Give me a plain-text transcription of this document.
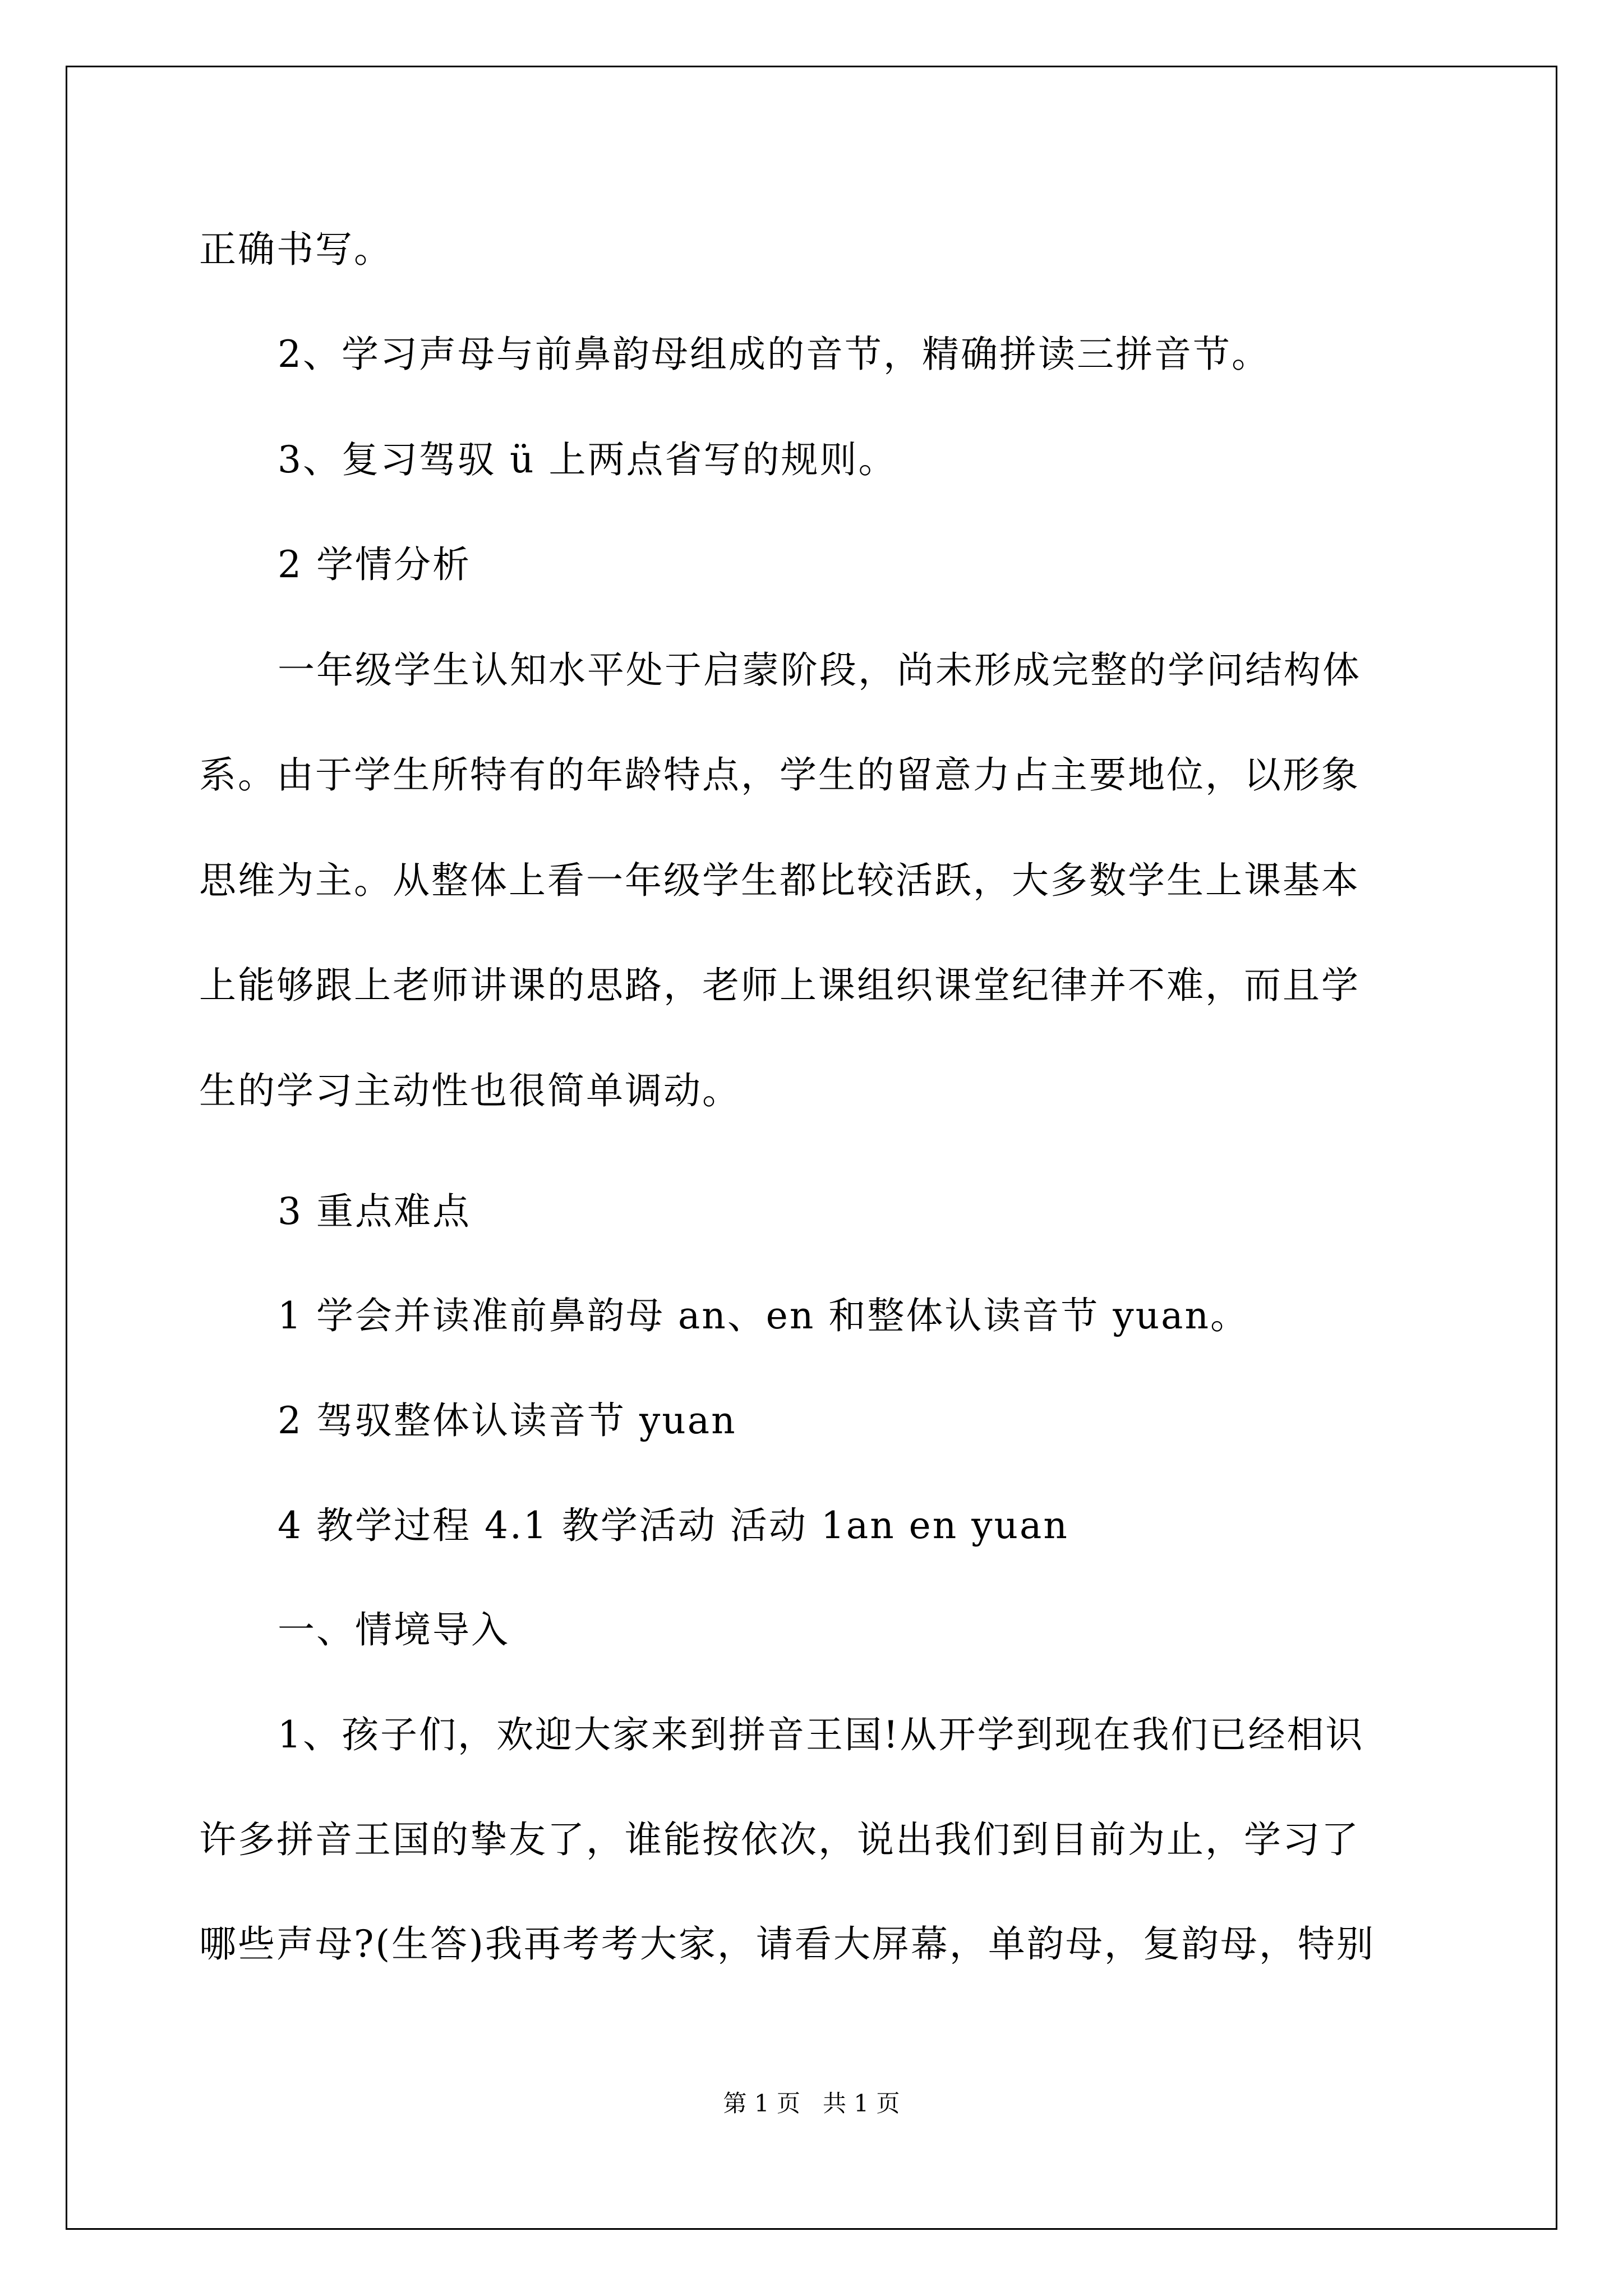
正确书写。
2、学习声母与前鼻韵母组成的音节，精确拼读三拼音节。
3、复习驾驭 ü 上两点省写的规则。
2 学情分析
一年级学生认知水平处于启蒙阶段，尚未形成完整的学问结构体
系。由于学生所特有的年龄特点，学生的留意力占主要地位，以形象
思维为主。从整体上看一年级学生都比较活跃，大多数学生上课基本
上能够跟上老师讲课的思路，老师上课组织课堂纪律并不难，而且学
生的学习主动性也很简单调动。
3 重点难点
1 学会并读准前鼻韵母 an、en 和整体认读音节 yuan。
2 驾驭整体认读音节 yuan
4 教学过程 4.1 教学活动 活动 1an en yuan
一、情境导入
1、孩子们，欢迎大家来到拼音王国!从开学到现在我们已经相识
许多拼音王国的挚友了，谁能按依次，说出我们到目前为止，学习了
哪些声母?(生答)我再考考大家，请看大屏幕，单韵母，复韵母，特别
第 1 页   共 1 页
